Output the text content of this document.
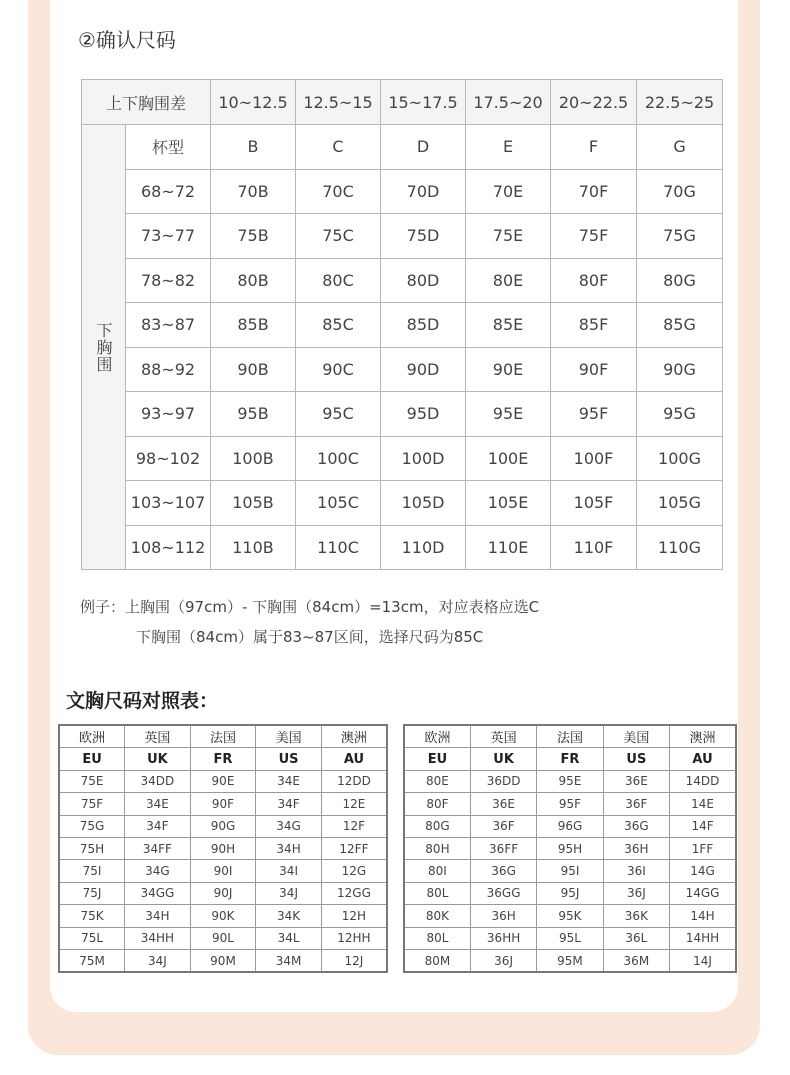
②确认尺码
上下胸围差		10~12.5	12.5~15	15~17.5	17.5~20	20~22.5	22.5~25
下胸围	杯型	B	C	D	E	F	G
	68~72	70B	70C	70D	70E	70F	70G
	73~77	75B	75C	75D	75E	75F	75G
	78~82	80B	80C	80D	80E	80F	80G
	83~87	85B	85C	85D	85E	85F	85G
	88~92	90B	90C	90D	90E	90F	90G
	93~97	95B	95C	95D	95E	95F	95G
	98~102	100B	100C	100D	100E	100F	100G
	103~107	105B	105C	105D	105E	105F	105G
	108~112	110B	110C	110D	110E	110F	110G
例子：上胸围（97cm）- 下胸围（84cm）=13cm，对应表格应选C
下胸围（84cm）属于83~87区间，选择尺码为85C
文胸尺码对照表：
欧洲	英国	法国	美国	澳洲
EU	UK	FR	US	AU
75E	34DD	90E	34E	12DD
75F	34E	90F	34F	12E
75G	34F	90G	34G	12F
75H	34FF	90H	34H	12FF
75I	34G	90I	34I	12G
75J	34GG	90J	34J	12GG
75K	34H	90K	34K	12H
75L	34HH	90L	34L	12HH
75M	34J	90M	34M	12J
欧洲	英国	法国	美国	澳洲
EU	UK	FR	US	AU
80E	36DD	95E	36E	14DD
80F	36E	95F	36F	14E
80G	36F	96G	36G	14F
80H	36FF	95H	36H	1FF
80I	36G	95I	36I	14G
80L	36GG	95J	36J	14GG
80K	36H	95K	36K	14H
80L	36HH	95L	36L	14HH
80M	36J	95M	36M	14J
